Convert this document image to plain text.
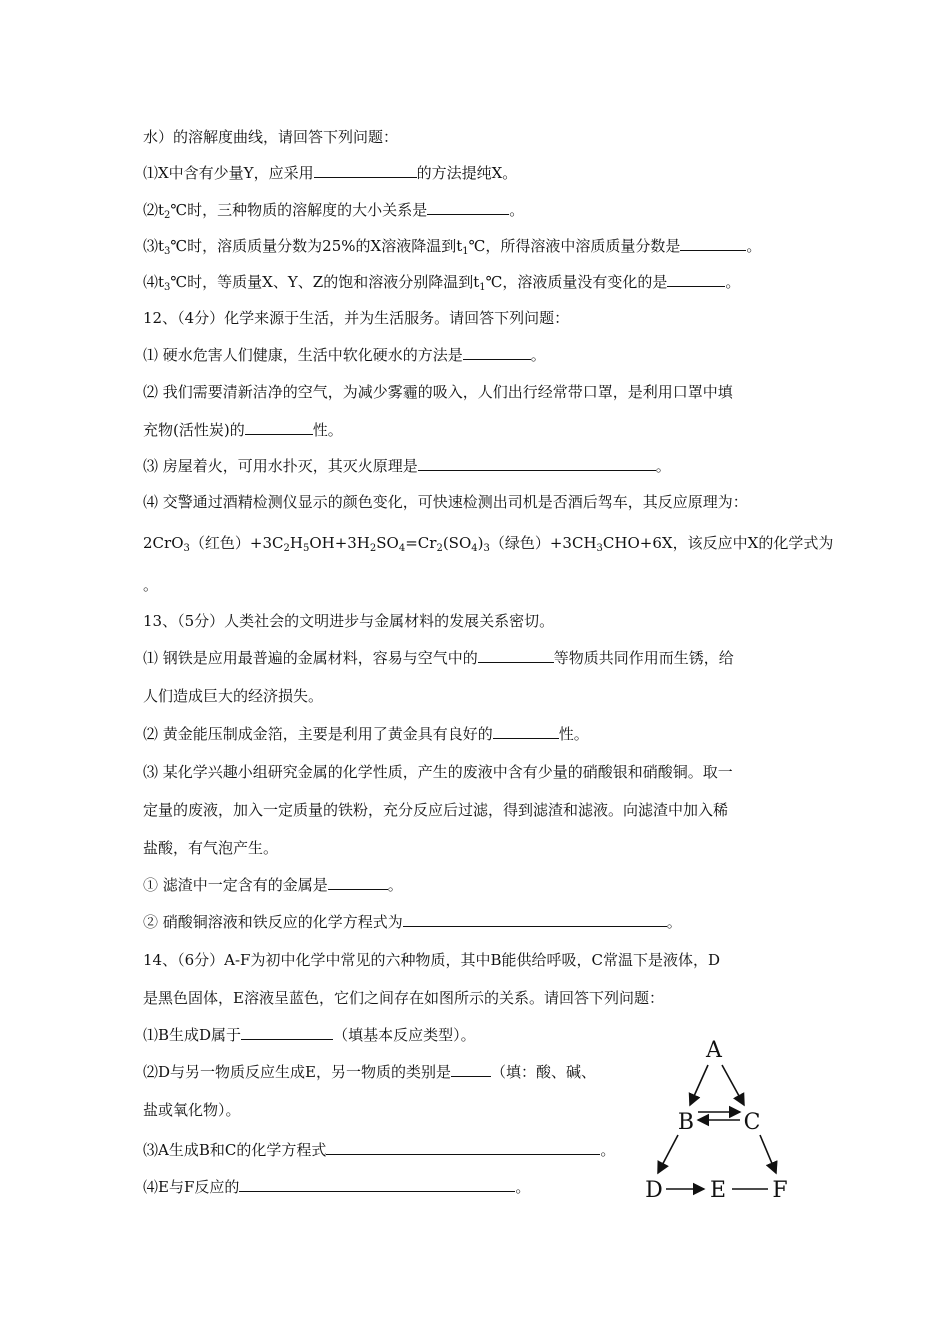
水）的溶解度曲线，请回答下列问题：
⑴X中含有少量Y，应采用	的方法提纯X。
$⑵t_2℃$时，三种物质的溶解度的大小关系是	。
$⑶t_3℃$时，溶质质量分数为25%的X溶液降温到$t_1℃$，所得溶液中溶质质量分数是	。
$⑷t_3℃$时，等质量X、Y、Z的饱和溶液分别降温到$t_1℃$，溶液质量没有变化的是	。
12、（4分）化学来源于生活，并为生活服务。请回答下列问题：
⑴ 硬水危害人们健康，生活中软化硬水的方法是	。
⑵ 我们需要清新洁净的空气，为减少雾霾的吸入，人们出行经常带口罩，是利用口罩中填
充物(活性炭)的	性。
⑶ 房屋着火，可用水扑灭，其灭火原理是	。
⑷ 交警通过酒精检测仪显示的颜色变化，可快速检测出司机是否酒后驾车，其反应原理为：
2CrO$_3$（红色）$+3C_2H_5OH+3H_2SO_4=Cr_2(SO_4)_3$（绿色）$+3CH_3CHO+6X$ ， 该 反 应 中 X 的 化 学 式 为
。
13、（5分）人类社会的文明进步与金属材料的发展关系密切。
⑴ 钢铁是应用最普遍的金属材料，容易与空气中的	等物质共同作用而生锈，给
人们造成巨大的经济损失。
⑵ 黄金能压制成金箔，主要是利用了黄金具有良好的	性。
⑶ 某化学兴趣小组研究金属的化学性质，产生的废液中含有少量的硝酸银和硝酸铜。取一
定量的废液，加入一定质量的铁粉，充分反应后过滤，得到滤渣和滤液。向滤渣中加入稀
盐酸，有气泡产生。
① 滤渣中一定含有的金属是	。
② 硝酸铜溶液和铁反应的化学方程式为	。
14、（6分）A-F为初中化学中常见的六种物质，其中B能供给呼吸，C常温下是液体，D
是黑色固体，E溶液呈蓝色，它们之间存在如图所示的关系。请回答下列问题：
⑴B生成D属于	（填基本反应类型）。
⑵D与另一物质反应生成E，另一物质的类别是	（填：酸、碱、
盐或氧化物）。
⑶A生成B和C的化学方程式	。
⑷E与F反应的	。
A
B C
D E F
